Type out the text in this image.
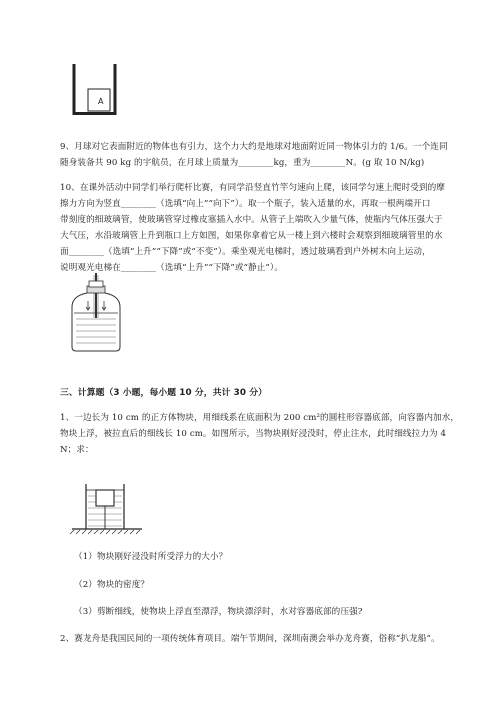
A
9、月球对它表面附近的物体也有引力，这个力大约是地球对地面附近同一物体引力的 1/6。一个连同
随身装备共 90 kg 的宇航员，在月球上质量为________kg，重为________N。(g 取 10 N/kg)
10、在课外活动中同学们举行爬杆比赛，有同学沿竖直竹竿匀速向上爬，该同学匀速上爬时受到的摩
擦力方向为竖直________（选填“向上”“向下”）。取一个瓶子，装入适量的水，再取一根两端开口
带刻度的细玻璃管，使玻璃管穿过橡皮塞插入水中。从管子上端吹入少量气体，使瓶内气体压强大于
大气压，水沿玻璃管上升到瓶口上方如图，如果你拿着它从一楼上到六楼时会观察到细玻璃管里的水
面________（选填“上升”“下降”或“不变”）。乘坐观光电梯时，透过玻璃看到户外树木向上运动，
说明观光电梯在________（选填“上升”“下降”或“静止”）。
三、计算题（3 小题，每小题 10 分，共计 30 分）
1、一边长为 10 cm 的正方体物块，用细线系在底面积为 200 cm²的圆柱形容器底部，向容器内加水，
物块上浮，被拉直后的细线长 10 cm。如图所示，当物块刚好浸没时，停止注水，此时细线拉力为 4
N；求：
（1）物块刚好浸没时所受浮力的大小？
（2）物块的密度？
（3）剪断细线，使物块上浮直至漂浮，物块漂浮时，水对容器底部的压强?
2、赛龙舟是我国民间的一项传统体育项目。端午节期间，深圳南澳会举办龙舟赛，俗称“扒龙船”。
